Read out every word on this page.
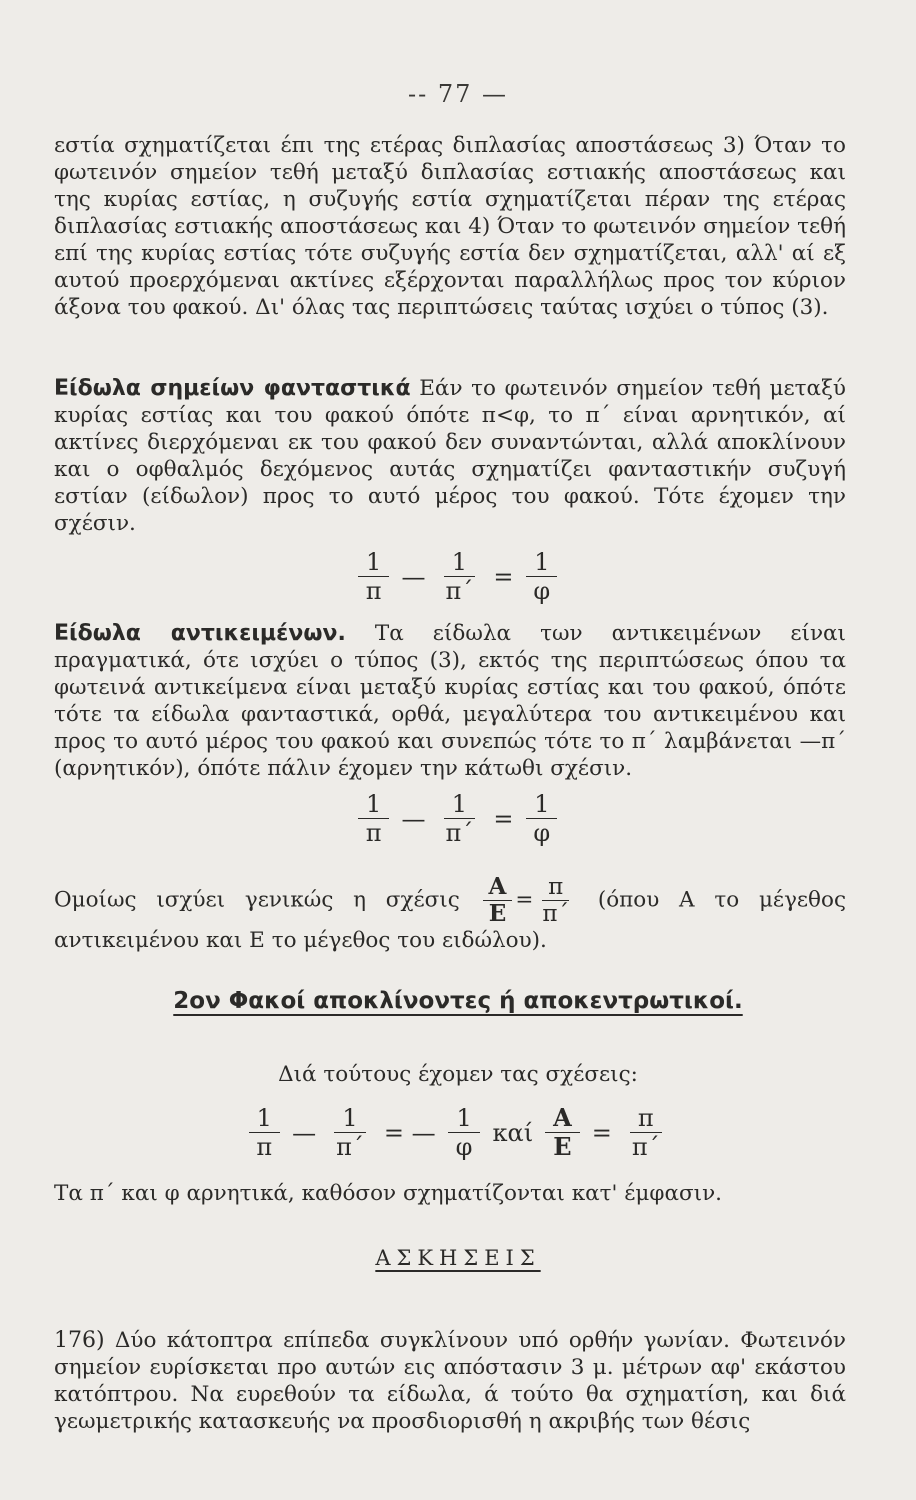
-- 77 —
εστία σχηματίζεται έπι της ετέρας διπλασίας αποστάσεως 3) Όταν το φωτεινόν σημείον τεθή μεταξύ διπλασίας εστιακής αποστάσεως και της κυρίας εστίας, η συζυγής εστία σχηματίζεται πέραν της ετέρας διπλασίας εστιακής αποστάσεως και 4) Όταν το φωτεινόν σημείον τεθή επί της κυρίας εστίας τότε συζυγής εστία δεν σχηματίζεται, αλλ' αί εξ αυτού προερχόμεναι ακτίνες εξέρχονται παραλλήλως προς τον κύριον άξονα του φακού. Δι' όλας τας περιπτώσεις ταύτας ισχύει ο τύπος (3).
Είδωλα σημείων φανταστικά Εάν το φωτεινόν σημείον τεθή μεταξύ κυρίας εστίας και του φακού όπότε π<φ, το π΄ είναι αρνητικόν, αί ακτίνες διερχόμεναι εκ του φακού δεν συναντώνται, αλλά αποκλίνουν και ο οφθαλμός δεχόμενος αυτάς σχηματίζει φανταστικήν συζυγή εστίαν (είδωλον) προς το αυτό μέρος του φακού. Τότε έχομεν την σχέσιν.
$\frac{1}{\pi}$ — $\frac{1}{\pi΄} = \frac{1}{\varphi}$
Είδωλα αντικειμένων. Τα είδωλα των αντικειμένων είναι πραγματικά, ότε ισχύει ο τύπος (3), εκτός της περιπτώσεως όπου τα φωτεινά αντικείμενα είναι μεταξύ κυρίας εστίας και του φακού, όπότε τότε τα είδωλα φανταστικά, ορθά, μεγαλύτερα του αντικειμένου και προς το αυτό μέρος του φακού και συνεπώς τότε το π΄ λαμβάνεται —π΄ (αρνητικόν), όπότε πάλιν έχομεν την κάτωθι σχέσιν.
$\frac{1}{\pi}$ — $\frac{1}{\pi΄} = \frac{1}{\varphi}$
Ομοίως ισχύει γενικώς η σχέσις $\frac{A}{E} = \frac{\pi}{\pi΄} (ό\pi o\upsilon$ Α το μέγεθος αντικειμένου και Ε το μέγεθος του ειδώλου).
2ον Φακοί αποκλίνοντες ή αποκεντρωτικοί.
Διά τούτους έχομεν τας σχέσεις:
$\frac{1}{\pi}$ — $\frac{1}{\pi΄}$ = — $\frac{1}{\varphi}$ καί $\frac{A}{E} = \frac{\pi}{\pi΄}$
Τα π΄ και φ αρνητικά, καθόσον σχηματίζονται κατ' έμφασιν.
ΑΣΚΗΣΕΙΣ
176) Δύο κάτοπτρα επίπεδα συγκλίνουν υπό ορθήν γωνίαν. Φωτεινόν σημείον ευρίσκεται προ αυτών εις απόστασιν 3 μ. μέτρων αφ' εκάστου κατόπτρου. Να ευρεθούν τα είδωλα, ά τούτο θα σχηματίση, και διά γεωμετρικής κατασκευής να προσδιορισθή η ακριβής των θέσις
